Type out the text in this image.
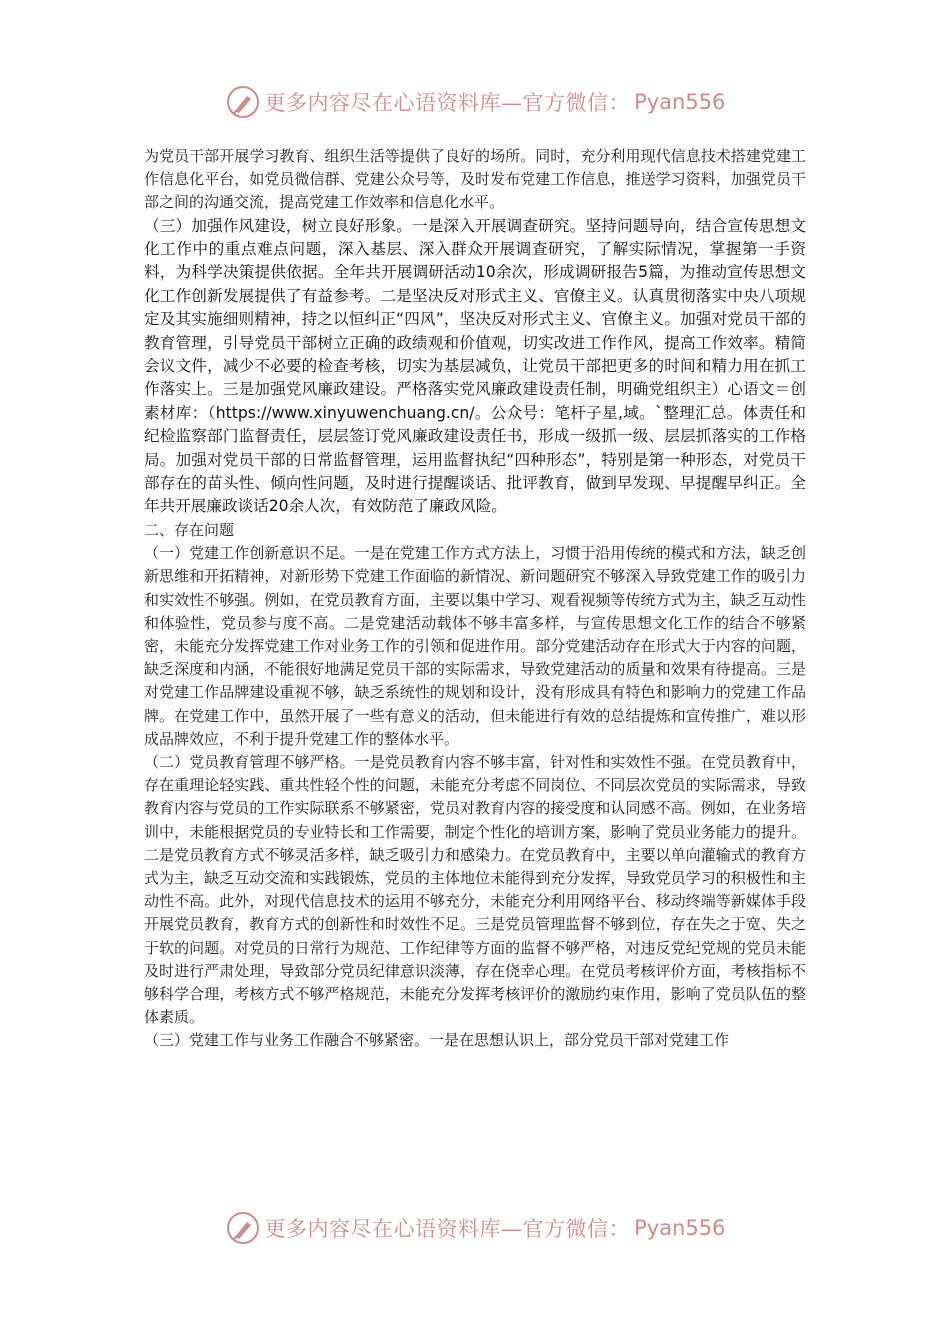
更多内容尽在心语资料库—官方微信： Pyan556

为党员干部开展学习教育、组织生活等提供了良好的场所。同时，充分利用现代信息技术搭建党建工作信息化平台，如党员微信群、党建公众号等，及时发布党建工作信息，推送学习资料，加强党员干部之间的沟通交流，提高党建工作效率和信息化水平。

（三）加强作风建设，树立良好形象。一是深入开展调查研究。坚持问题导向，结合宣传思想文化工作中的重点难点问题，深入基层、深入群众开展调查研究，了解实际情况，掌握第一手资料，为科学决策提供依据。全年共开展调研活动10余次，形成调研报告5篇，为推动宣传思想文化工作创新发展提供了有益参考。二是坚决反对形式主义、官僚主义。认真贯彻落实中央八项规定及其实施细则精神，持之以恒纠正“四风”，坚决反对形式主义、官僚主义。加强对党员干部的教育管理，引导党员干部树立正确的政绩观和价值观，切实改进工作作风，提高工作效率。精简会议文件，减少不必要的检查考核，切实为基层减负，让党员干部把更多的时间和精力用在抓工作落实上。三是加强党风廉政建设。严格落实党风廉政建设责任制，明确党组织主）心语文＝创素材库：（https://www.xinyuwenchuang.cn/。公众号：笔杆子星,域。`整理汇总。体责任和纪检监察部门监督责任，层层签订党风廉政建设责任书，形成一级抓一级、层层抓落实的工作格局。加强对党员干部的日常监督管理，运用监督执纪“四种形态”，特别是第一种形态，对党员干部存在的苗头性、倾向性问题，及时进行提醒谈话、批评教育，做到早发现、早提醒早纠正。全年共开展廉政谈话20余人次，有效防范了廉政风险。

二、存在问题

（一）党建工作创新意识不足。一是在党建工作方式方法上，习惯于沿用传统的模式和方法，缺乏创新思维和开拓精神，对新形势下党建工作面临的新情况、新问题研究不够深入导致党建工作的吸引力和实效性不够强。例如，在党员教育方面，主要以集中学习、观看视频等传统方式为主，缺乏互动性和体验性，党员参与度不高。二是党建活动载体不够丰富多样，与宣传思想文化工作的结合不够紧密，未能充分发挥党建工作对业务工作的引领和促进作用。部分党建活动存在形式大于内容的问题，缺乏深度和内涵，不能很好地满足党员干部的实际需求，导致党建活动的质量和效果有待提高。三是对党建工作品牌建设重视不够，缺乏系统性的规划和设计，没有形成具有特色和影响力的党建工作品牌。在党建工作中，虽然开展了一些有意义的活动，但未能进行有效的总结提炼和宣传推广，难以形成品牌效应，不利于提升党建工作的整体水平。

（二）党员教育管理不够严格。一是党员教育内容不够丰富，针对性和实效性不强。在党员教育中，存在重理论轻实践、重共性轻个性的问题，未能充分考虑不同岗位、不同层次党员的实际需求，导致教育内容与党员的工作实际联系不够紧密，党员对教育内容的接受度和认同感不高。例如，在业务培训中，未能根据党员的专业特长和工作需要，制定个性化的培训方案，影响了党员业务能力的提升。二是党员教育方式不够灵活多样，缺乏吸引力和感染力。在党员教育中，主要以单向灌输式的教育方式为主，缺乏互动交流和实践锻炼，党员的主体地位未能得到充分发挥，导致党员学习的积极性和主动性不高。此外，对现代信息技术的运用不够充分，未能充分利用网络平台、移动终端等新媒体手段开展党员教育，教育方式的创新性和时效性不足。三是党员管理监督不够到位，存在失之于宽、失之于软的问题。对党员的日常行为规范、工作纪律等方面的监督不够严格，对违反党纪党规的党员未能及时进行严肃处理，导致部分党员纪律意识淡薄，存在侥幸心理。在党员考核评价方面，考核指标不够科学合理，考核方式不够严格规范，未能充分发挥考核评价的激励约束作用，影响了党员队伍的整体素质。

（三）党建工作与业务工作融合不够紧密。一是在思想认识上，部分党员干部对党建工作

更多内容尽在心语资料库—官方微信： Pyan556
